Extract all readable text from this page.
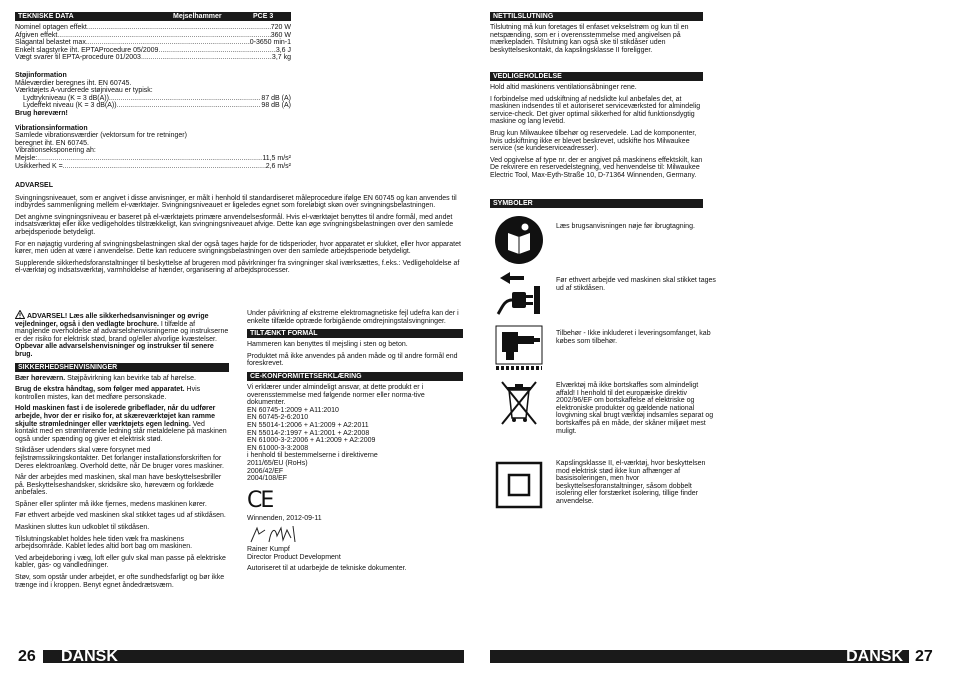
TEKNISKE DATA	Mejselhammer	PCE 3
Nominel optagen effekt .....	720 W
Afgiven effekt .....	360 W
Slagantal belastet max. .....	0-3650 min-1
Enkelt slagstyrke iht. EPTAProcedure 05/2009 .....	3,6 J
Vægt svarer til EPTA-procedure 01/2003 .....	3,7 kg
Støjinformation
Måleværdier beregnes iht. EN 60745.
Værktøjets A-vurderede støjniveau er typisk:
Lydtrykniveau (K = 3 dB(A)) .....	87 dB (A)
Lydeffekt niveau (K = 3 dB(A)) .....	98 dB (A)
Brug høreværn!
Vibrationsinformation
Samlede vibrationsværdier (vektorsum for tre retninger)
beregnet iht. EN 60745.
Vibrationseksponering ah:
Mejsle: .....	11,5 m/s²
Usikkerhed K = .....	2,6 m/s²
ADVARSEL

Svingningsniveauet, som er angivet i disse anvisninger, er målt i henhold til standardiseret måleprocedure ifølge EN 60745 og kan anvendes til indbyrdes sammenligning mellem el-værktøjer. Svingningsniveauet er ligeledes egnet som foreløbigt skøn over svingningsbelastningen.

Det angivne svingningsniveau er baseret på el-værktøjets primære anvendelsesformål. Hvis el-værktøjet benyttes til andre formål, med andet indsatsværktøj eller ikke vedligeholdes tilstrækkeligt, kan svingningsniveauet afvige. Dette kan øge svingningsbelastningen over den samlede arbejdsperiode betydeligt.

For en nøjagtig vurdering af svingningsbelastningen skal der også tages højde for de tidsperioder, hvor apparatet er slukket, eller hvor apparatet kører, men uden at være i anvendelse. Dette kan reducere svingningsbelastningen over den samlede arbejdsperiode betydeligt.

Supplerende sikkerhedsforanstaltninger til beskyttelse af brugeren mod påvirkninger fra svingninger skal iværksættes, f.eks.: Vedligeholdelse af el-værktøj og indsatsværktøj, varmholdelse af hænder, organisering af arbejdsprocesser.

ADVARSEL! Læs alle sikkerhedsanvisninger og øvrige vejledninger, også i den vedlagte brochure. I tilfælde af manglende overholdelse af advarselshenvisningerne og instrukserne er der risiko for elektrisk stød, brand og/eller alvorlige kvæstelser. Opbevar alle advarselshenvisninger og instrukser til senere brug.

SIKKERHEDSHENVISNINGER

Bær høreværn. Støjpåvirkning kan bevirke tab af hørelse.

Brug de ekstra håndtag, som følger med apparatet. Hvis kontrollen mistes, kan det medføre personskade.

Hold maskinen fast i de isolerede gribeflader, når du udfører arbejde, hvor der er risiko for, at skæreværktøjet kan ramme skjulte strømledninger eller værktøjets egen ledning. Ved kontakt med en strømførende ledning står metaldelene på maskinen også under spænding og giver et elektrisk stød.

Stikdåser udendørs skal være forsynet med fejlstrømssikringskontakter. Det forlanger installationsforskriften for Deres elektroanlæg. Overhold dette, når De bruger vores maskiner.

Når der arbejdes med maskinen, skal man have beskyttelsesbriller på. Beskyttelseshandsker, skridsikre sko, høreværn og forklæde anbefales.

Spåner eller splinter må ikke fjernes, medens maskinen kører.

Før ethvert arbejde ved maskinen skal stikket tages ud af stikdåsen.

Maskinen sluttes kun udkoblet til stikdåsen.

Tilslutningskablet holdes hele tiden væk fra maskinens arbejdsområde. Kablet ledes altid bort bag om maskinen.

Ved arbejdeboring i væg, loft eller gulv skal man passe på elektriske kabler, gas- og vandledninger.

Støv, som opstår under arbejdet, er ofte sundhedsfarligt og bør ikke trænge ind i kroppen. Benyt egnet åndedrætsværn.

Under påvirkning af ekstreme elektromagnetiske fejl udefra kan der i enkelte tilfælde optræde forbigående omdrejningstalsvingninger.

TILTÆNKT FORMÅL

Hammeren kan benyttes til mejsling i sten og beton.

Produktet må ikke anvendes på anden måde og til andre formål end foreskrevet.

CE-KONFORMITETSERKLÆRING
Vi erklærer under almindeligt ansvar, at dette produkt er i overensstemmelse med følgende normer eller norma-tive dokumenter.
EN 60745-1:2009 + A11:2010
EN 60745-2-6:2010
EN 55014-1:2006 + A1:2009 + A2:2011
EN 55014-2:1997 + A1:2001 + A2:2008
EN 61000-3-2:2006 + A1:2009 + A2:2009
EN 61000-3-3:2008
i henhold til bestemmelserne i direktiverne
2011/65/EU (RoHs)
2006/42/EF
2004/108/EF
CE
Winnenden, 2012-09-11
Rainer Kumpf
Director Product Development
Autoriseret til at udarbejde de tekniske dokumenter.
26 DANSK
NETTILSLUTNING

Tilslutning må kun foretages til enfaset vekselstrøm og kun til en netspænding, som er i overensstemmelse med angivelsen på mærkepladen. Tilslutning kan også ske til stikdåser uden beskyttelseskontakt, da kapslingsklasse II foreligger.

VEDLIGEHOLDELSE

Hold altid maskinens ventilationsåbninger rene.

I forbindelse med udskiftning af nedslidte kul anbefales det, at maskinen indsendes til et autoriseret serviceværksted for almindelig service-check. Det giver optimal sikkerhed for altid funktionsdygtig maskine og lang levetid.

Brug kun Milwaukee tilbehør og reservedele. Lad de komponenter, hvis udskiftning ikke er blevet beskrevet, udskifte hos Milwaukee service (se kundeserviceadresser).

Ved opgivelse af type nr. der er angivet på maskinens effektskilt, kan De rekvirere en reservedelstegning, ved henvendelse til: Milwaukee Electric Tool, Max-Eyth-Straße 10, D-71364 Winnenden, Germany.

SYMBOLER
Læs brugsanvisningen nøje før ibrugtagning.
Før ethvert arbejde ved maskinen skal stikket tages ud af stikdåsen.
Tilbehør - Ikke inkluderet i leveringsomfanget, kab købes som tilbehør.
Elværktøj må ikke bortskaffes som almindeligt affald! I henhold til det europæiske direktiv 2002/96/EF om bortskaffelse af elektriske og elektroniske produkter og gældende national lovgivning skal brugt værktøj indsamles separat og bortskaffes på en måde, der skåner miljøet mest muligt.
Kapslingsklasse II, el-værktøj, hvor beskyttelsen mod elektrisk stød ikke kun afhænger af basisisoleringen, men hvor beskyttelsesforanstaltninger, såsom dobbelt isolering eller forstærket isolering, tillige finder anvendelse.
DANSK 27
